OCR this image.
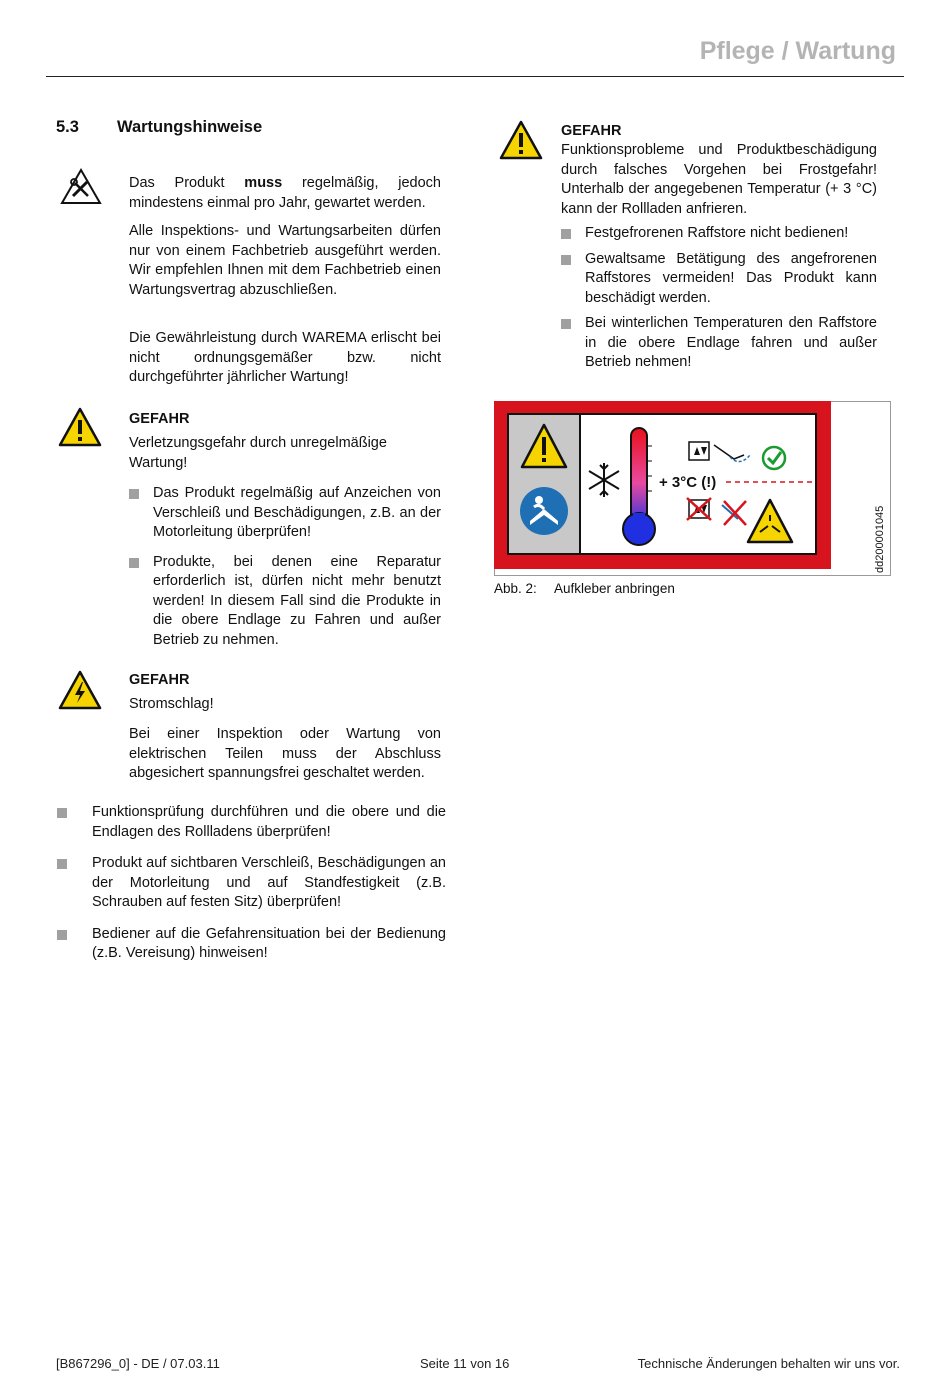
Pflege / Wartung
5.3 Wartungshinweise
Das Produkt muss regelmäßig, jedoch mindestens einmal pro Jahr, gewartet werden.
Alle Inspektions- und Wartungsarbeiten dürfen nur von einem Fachbetrieb ausgeführt werden. Wir empfehlen Ihnen mit dem Fachbetrieb einen Wartungsvertrag abzuschließen.
Die Gewährleistung durch WAREMA erlischt bei nicht ordnungsgemäßer bzw. nicht durchgeführter jährlicher Wartung!
GEFAHR
Verletzungsgefahr durch unregelmäßige Wartung!
Das Produkt regelmäßig auf Anzeichen von Verschleiß und Beschädigungen, z.B. an der Motorleitung überprüfen!
Produkte, bei denen eine Reparatur erforderlich ist, dürfen nicht mehr benutzt werden! In diesem Fall sind die Produkte in die obere Endlage zu Fahren und außer Betrieb zu nehmen.
GEFAHR
Stromschlag!
Bei einer Inspektion oder Wartung von elektrischen Teilen muss der Abschluss abgesichert spannungsfrei geschaltet werden.
Funktionsprüfung durchführen und die obere und die Endlagen des Rollladens überprüfen!
Produkt auf sichtbaren Verschleiß, Beschädigungen an der Motorleitung und auf Standfestigkeit (z.B. Schrauben auf festen Sitz) überprüfen!
Bediener auf die Gefahrensituation bei der Bedienung (z.B. Vereisung) hinweisen!
GEFAHR
Funktionsprobleme und Produktbeschädigung durch falsches Vorgehen bei Frostgefahr! Unterhalb der angegebenen Temperatur (+ 3 °C) kann der Rollladen anfrieren.
Festgefrorenen Raffstore nicht bedienen!
Gewaltsame Betätigung des angefrorenen Raffstores vermeiden! Das Produkt kann beschädigt werden.
Bei winterlichen Temperaturen den Raffstore in die obere Endlage fahren und außer Betrieb nehmen!
+ 3°C (!)
dd200001045
Abb. 2: Aufkleber anbringen
[B867296_0] - DE / 07.03.11	Seite 11 von 16	Technische Änderungen behalten wir uns vor.
